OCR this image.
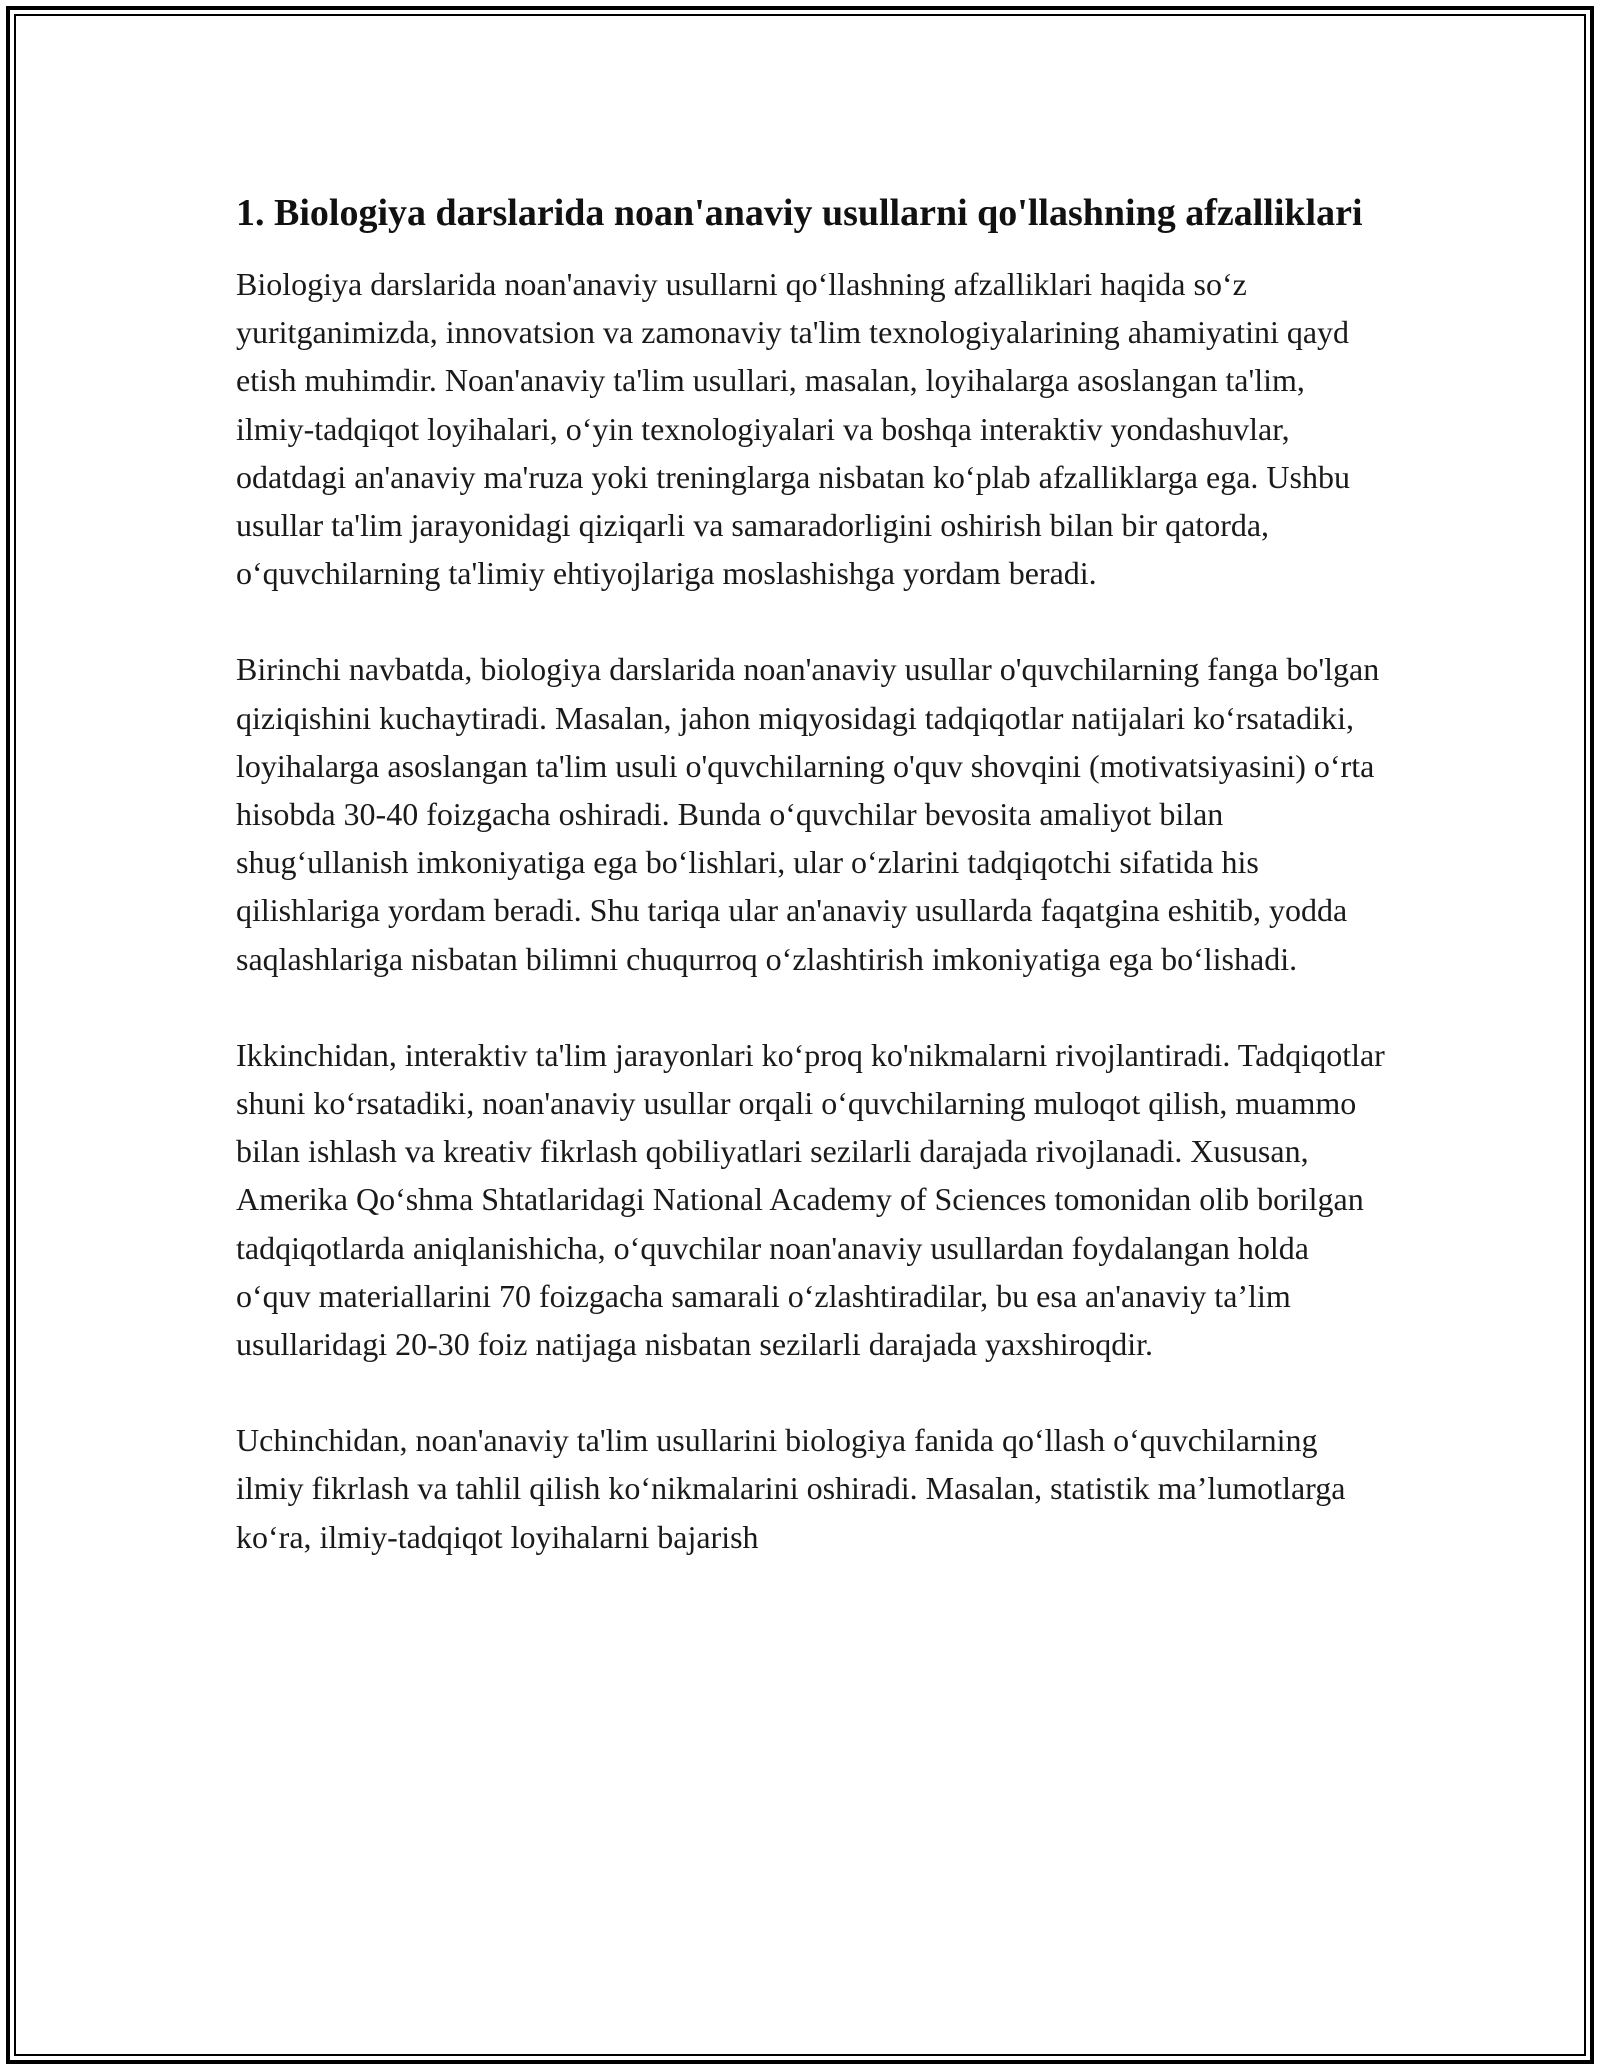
1. Biologiya darslarida noan'anaviy usullarni qo'llashning afzalliklari

Biologiya darslarida noan'anaviy usullarni qo‘llashning afzalliklari haqida so‘z yuritganimizda, innovatsion va zamonaviy ta'lim texnologiyalarining ahamiyatini qayd etish muhimdir. Noan'anaviy ta'lim usullari, masalan, loyihalarga asoslangan ta'lim, ilmiy-tadqiqot loyihalari, o‘yin texnologiyalari va boshqa interaktiv yondashuvlar, odatdagi an'anaviy ma'ruza yoki treninglarga nisbatan ko‘plab afzalliklarga ega. Ushbu usullar ta'lim jarayonidagi qiziqarli va samaradorligini oshirish bilan bir qatorda, o‘quvchilarning ta'limiy ehtiyojlariga moslashishga yordam beradi.

Birinchi navbatda, biologiya darslarida noan'anaviy usullar o'quvchilarning fanga bo'lgan qiziqishini kuchaytiradi. Masalan, jahon miqyosidagi tadqiqotlar natijalari ko‘rsatadiki, loyihalarga asoslangan ta'lim usuli o'quvchilarning o'quv shovqini (motivatsiyasini) o‘rta hisobda 30-40 foizgacha oshiradi. Bunda o‘quvchilar bevosita amaliyot bilan shug‘ullanish imkoniyatiga ega bo‘lishlari, ular o‘zlarini tadqiqotchi sifatida his qilishlariga yordam beradi. Shu tariqa ular an'anaviy usullarda faqatgina eshitib, yodda saqlashlariga nisbatan bilimni chuqurroq o‘zlashtirish imkoniyatiga ega bo‘lishadi.

Ikkinchidan, interaktiv ta'lim jarayonlari ko‘proq ko'nikmalarni rivojlantiradi. Tadqiqotlar shuni ko‘rsatadiki, noan'anaviy usullar orqali o‘quvchilarning muloqot qilish, muammo bilan ishlash va kreativ fikrlash qobiliyatlari sezilarli darajada rivojlanadi. Xususan, Amerika Qo‘shma Shtatlaridagi National Academy of Sciences tomonidan olib borilgan tadqiqotlarda aniqlanishicha, o‘quvchilar noan'anaviy usullardan foydalangan holda o‘quv materiallarini 70 foizgacha samarali o‘zlashtiradilar, bu esa an'anaviy ta’lim usullaridagi 20-30 foiz natijaga nisbatan sezilarli darajada yaxshiroqdir.

Uchinchidan, noan'anaviy ta'lim usullarini biologiya fanida qo‘llash o‘quvchilarning ilmiy fikrlash va tahlil qilish ko‘nikmalarini oshiradi. Masalan, statistik ma’lumotlarga ko‘ra, ilmiy-tadqiqot loyihalarni bajarish
